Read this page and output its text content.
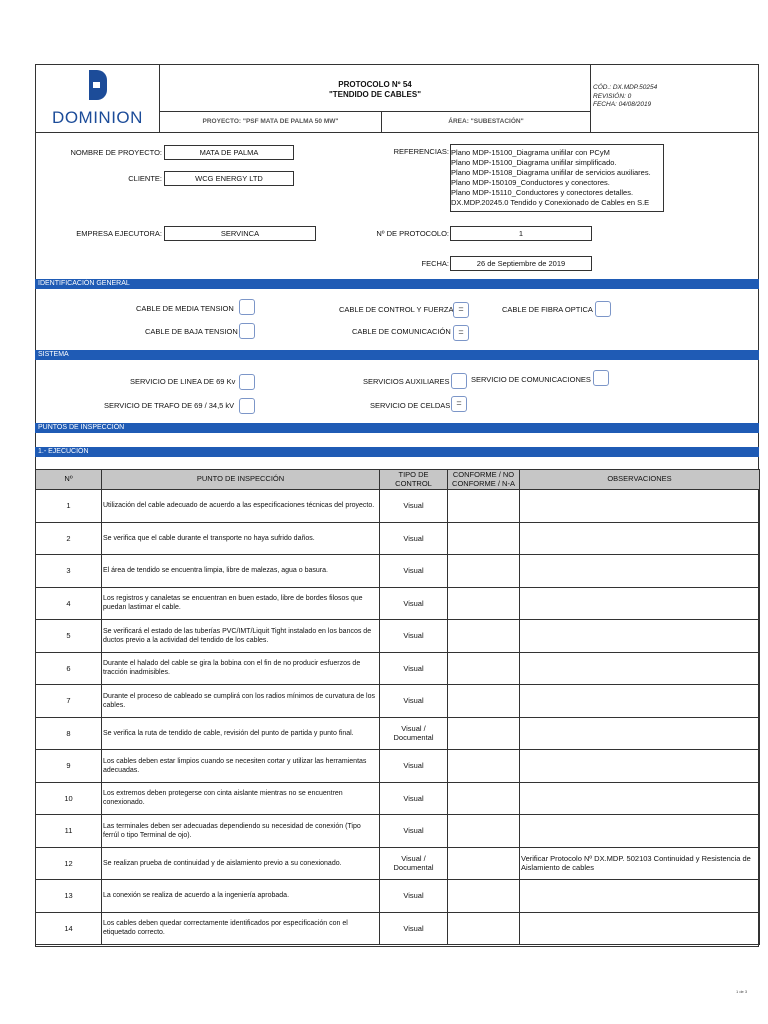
DOMINION
PROTOCOLO Nº 54
"TENDIDO DE CABLES"
PROYECTO: "PSF MATA DE PALMA 50 MW"	ÁREA: "SUBESTACIÓN"
CÓD.: DX.MDP.50254
REVISIÓN: 0
FECHA: 04/08/2019
NOMBRE DE PROYECTO:	MATA DE PALMA
CLIENTE:	WCG ENERGY LTD
REFERENCIAS: Plano MDP-15100_Diagrama unifilar con PCyM
Plano MDP-15100_Diagrama unifilar simplificado.
Plano MDP-15108_Diagrama unifilar de servicios auxiliares.
Plano MDP-150109_Conductores y conectores.
Plano MDP-15110_Conductores y conectores detalles.
DX.MDP.20245.0 Tendido y Conexionado de Cables en S.E
EMPRESA EJECUTORA:	SERVINCA	Nº DE PROTOCOLO:	1
FECHA:	26 de Septiembre de 2019
IDENTIFICACIÓN GENERAL
CABLE DE MEDIA TENSION	CABLE DE CONTROL Y FUERZA =	CABLE DE FIBRA OPTICA
CABLE DE BAJA TENSION	CABLE DE COMUNICACIÓN
=
SISTEMA
SERVICIO DE LINEA DE 69 Kv	SERVICIOS AUXILIARES	SERVICIO DE COMUNICACIONES
SERVICIO DE TRAFO DE 69 / 34,5 kV	SERVICIO DE CELDAS
=
PUNTOS DE INSPECCIÓN
1.- EJECUCIÓN
Nº	PUNTO DE INSPECCIÓN	TIPO DE CONTROL	CONFORME / NO CONFORME / N-A	OBSERVACIONES
1	Utilización del cable adecuado de acuerdo a las especificaciones técnicas del proyecto.	Visual		
2	Se verifica que el cable durante el transporte no haya sufrido daños.	Visual		
3	El área de tendido se encuentra limpia, libre de malezas, agua o basura.	Visual		
4	Los registros y canaletas se encuentran en buen estado, libre de bordes filosos que puedan lastimar el cable.	Visual		
5	Se verificará el estado de las tuberías PVC/IMT/Liquit Tight instalado en los bancos de ductos previo a la actividad del tendido de los cables.	Visual		
6	Durante el halado del cable se gira la bobina con el fin de no producir esfuerzos de tracción inadmisibles.	Visual		
7	Durante el proceso de cableado se cumplirá con los radios mínimos de curvatura de los cables.	Visual		
8	Se verifica la ruta de tendido de cable, revisión del punto de partida y punto final.	Visual / Documental		
9	Los cables deben estar limpios cuando se necesiten cortar y utilizar las herramientas adecuadas.	Visual		
10	Los extremos deben protegerse con cinta aislante mientras no se encuentren conexionado.	Visual		
11	Las terminales deben ser adecuadas dependiendo su necesidad de conexión (Tipo ferrúl o tipo Terminal de ojo).	Visual		
12	Se realizan prueba de continuidad y de aislamiento previo a su conexionado.	Visual / Documental		Verificar Protocolo Nº DX.MDP. 502103 Continuidad y Resistencia de Aislamiento de cables
13	La conexión se realiza de acuerdo a la ingeniería aprobada.	Visual		
14	Los cables deben quedar correctamente identificados por especificación con el etiquetado correcto.	Visual		
1 de 3
